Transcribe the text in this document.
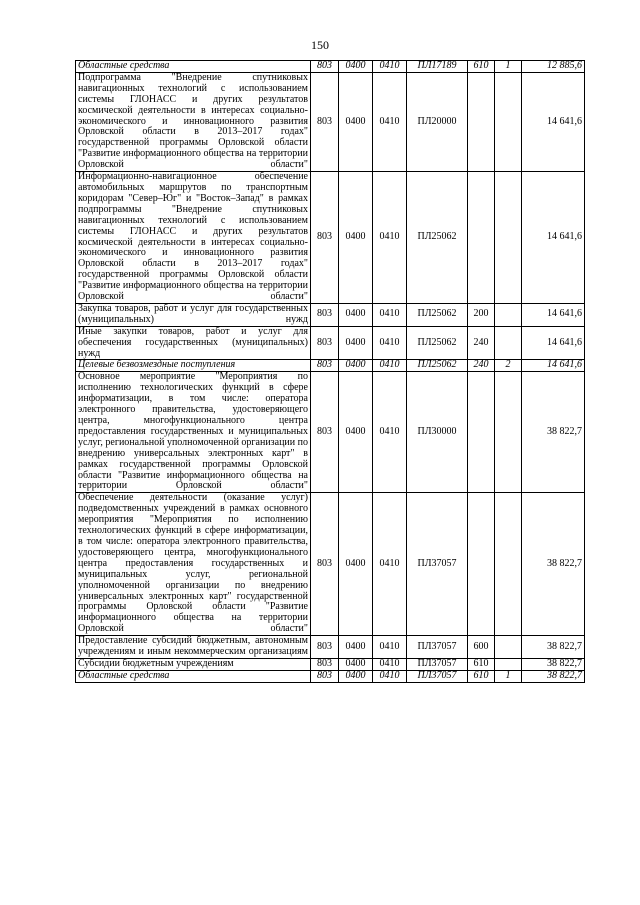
150
Областные средства	803	0400	0410	ПЛ17189	610	1	12 885,6
Подпрограмма "Внедрение спутниковых навигационных технологий с использованием системы ГЛОНАСС и других результатов космической деятельности в интересах социально-экономического и инновационного развития Орловской области в 2013–2017 годах" государственной программы Орловской области "Развитие информационного общества на территории Орловской области"	803	0400	0410	ПЛ20000			14 641,6
Информационно-навигационное обеспечение автомобильных маршрутов по транспортным коридорам "Север–Юг" и "Восток–Запад" в рамках подпрограммы "Внедрение спутниковых навигационных технологий с использованием системы ГЛОНАСС и других результатов космической деятельности в интересах социально-экономического и инновационного развития Орловской области в 2013–2017 годах" государственной программы Орловской области "Развитие информационного общества на территории Орловской области"	803	0400	0410	ПЛ25062			14 641,6
Закупка товаров, работ и услуг для государственных (муниципальных) нужд	803	0400	0410	ПЛ25062	200		14 641,6
Иные закупки товаров, работ и услуг для обеспечения государственных (муниципальных) нужд	803	0400	0410	ПЛ25062	240		14 641,6
Целевые безвозмездные поступления	803	0400	0410	ПЛ25062	240	2	14 641,6
Основное мероприятие "Мероприятия по исполнению технологических функций в сфере информатизации, в том числе: оператора электронного правительства, удостоверяющего центра, многофункционального центра предоставления государственных и муниципальных услуг, региональной уполномоченной организации по внедрению универсальных электронных карт" в рамках государственной программы Орловской области "Развитие информационного общества на территории Орловской области"	803	0400	0410	ПЛ30000			38 822,7
Обеспечение деятельности (оказание услуг) подведомственных учреждений в рамках основного мероприятия "Мероприятия по исполнению технологических функций в сфере информатизации, в том числе: оператора электронного правительства, удостоверяющего центра, многофункционального центра предоставления государственных и муниципальных услуг, региональной уполномоченной организации по внедрению универсальных электронных карт" государственной программы Орловской области "Развитие информационного общества на территории Орловской области"	803	0400	0410	ПЛ37057			38 822,7
Предоставление субсидий бюджетным, автономным учреждениям и иным некоммерческим организациям	803	0400	0410	ПЛ37057	600		38 822,7
Субсидии бюджетным учреждениям	803	0400	0410	ПЛ37057	610		38 822,7
Областные средства	803	0400	0410	ПЛ37057	610	1	38 822,7
